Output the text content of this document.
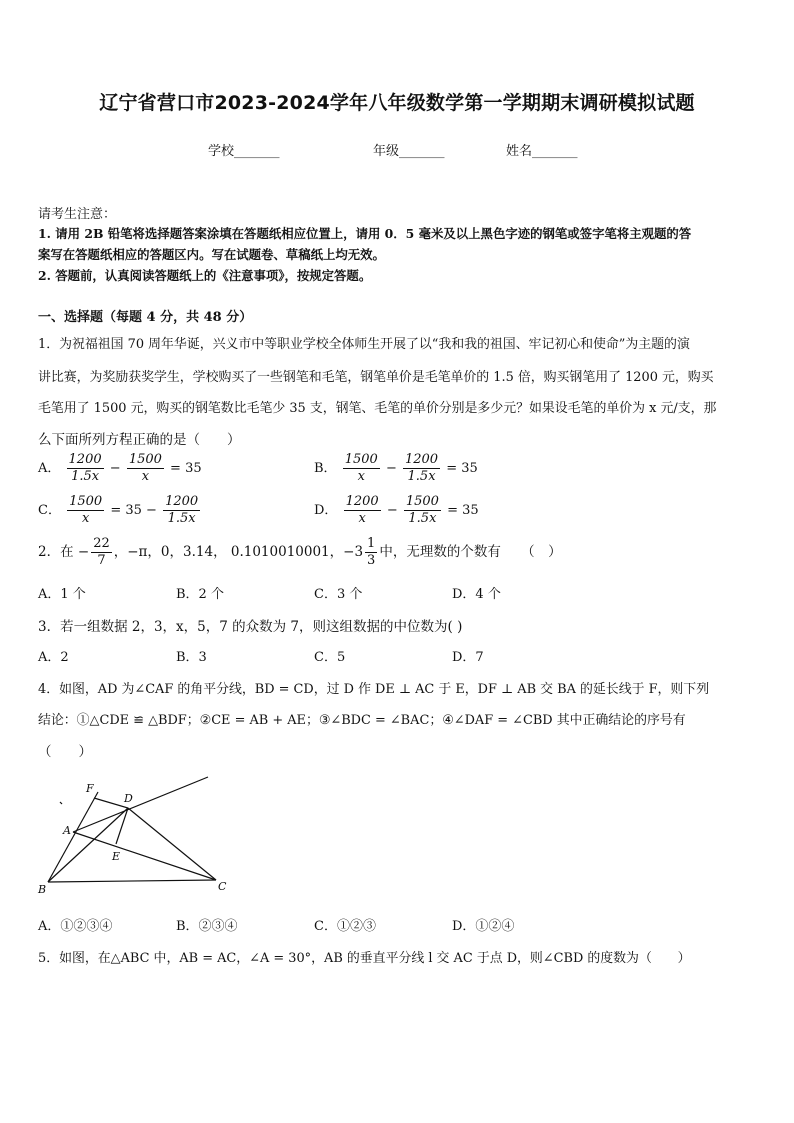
辽宁省营口市2023-2024学年八年级数学第一学期期末调研模拟试题
学校_______	年级_______	姓名_______
请考生注意：
1. 请用 2B 铅笔将选择题答案涂填在答题纸相应位置上，请用 0．5 毫米及以上黑色字迹的钢笔或签字笔将主观题的答
案写在答题纸相应的答题区内。写在试题卷、草稿纸上均无效。
2. 答题前，认真阅读答题纸上的《注意事项》，按规定答题。
一、选择题（每题 4 分，共 48 分）
1．为祝福祖国 70 周年华诞，兴义市中等职业学校全体师生开展了以“我和我的祖国、牢记初心和使命”为主题的演
讲比赛，为奖励获奖学生，学校购买了一些钢笔和毛笔，钢笔单价是毛笔单价的 1.5 倍，购买钢笔用了 1200 元，购买
毛笔用了 1500 元，购买的钢笔数比毛笔少 35 支，钢笔、毛笔的单价分别是多少元？如果设毛笔的单价为 x 元/支，那
么下面所列方程正确的是（　　）
A． $\frac{1200}{1.5x} - \frac{1500}{x} = 35$	B． $\frac{1500}{x} - \frac{1200}{1.5x} = 35$
C． $\frac{1500}{x} = 35 - \frac{1200}{1.5x}$	D． $\frac{1200}{x} - \frac{1500}{1.5x} = 35$
2．在 − $\frac{22}{7}$ ，−π，0，3.14， 0.1010010001，$-3 \frac{1}{3}$ 中，无理数的个数有　　（　）
A．1 个	B．2 个	C．3 个	D．4 个
3．若一组数据 2，3，x，5，7 的众数为 7，则这组数据的中位数为( )
A．2	B．3	C．5	D．7
4．如图，AD 为∠CAF 的角平分线，BD = CD，过 D 作 DE ⊥ AC 于 E，DF ⊥ AB 交 BA 的延长线于 F，则下列
结论：①△CDE ≌ △BDF；②CE = AB + AE；③∠BDC = ∠BAC；④∠DAF = ∠CBD 其中正确结论的序号有
（　　）
F
D
A
E
B	C
A．①②③④	B．②③④	C．①②③	D．①②④
5．如图，在△ABC 中，AB = AC，∠A = 30°，AB 的垂直平分线 l 交 AC 于点 D，则∠CBD 的度数为（　　）
